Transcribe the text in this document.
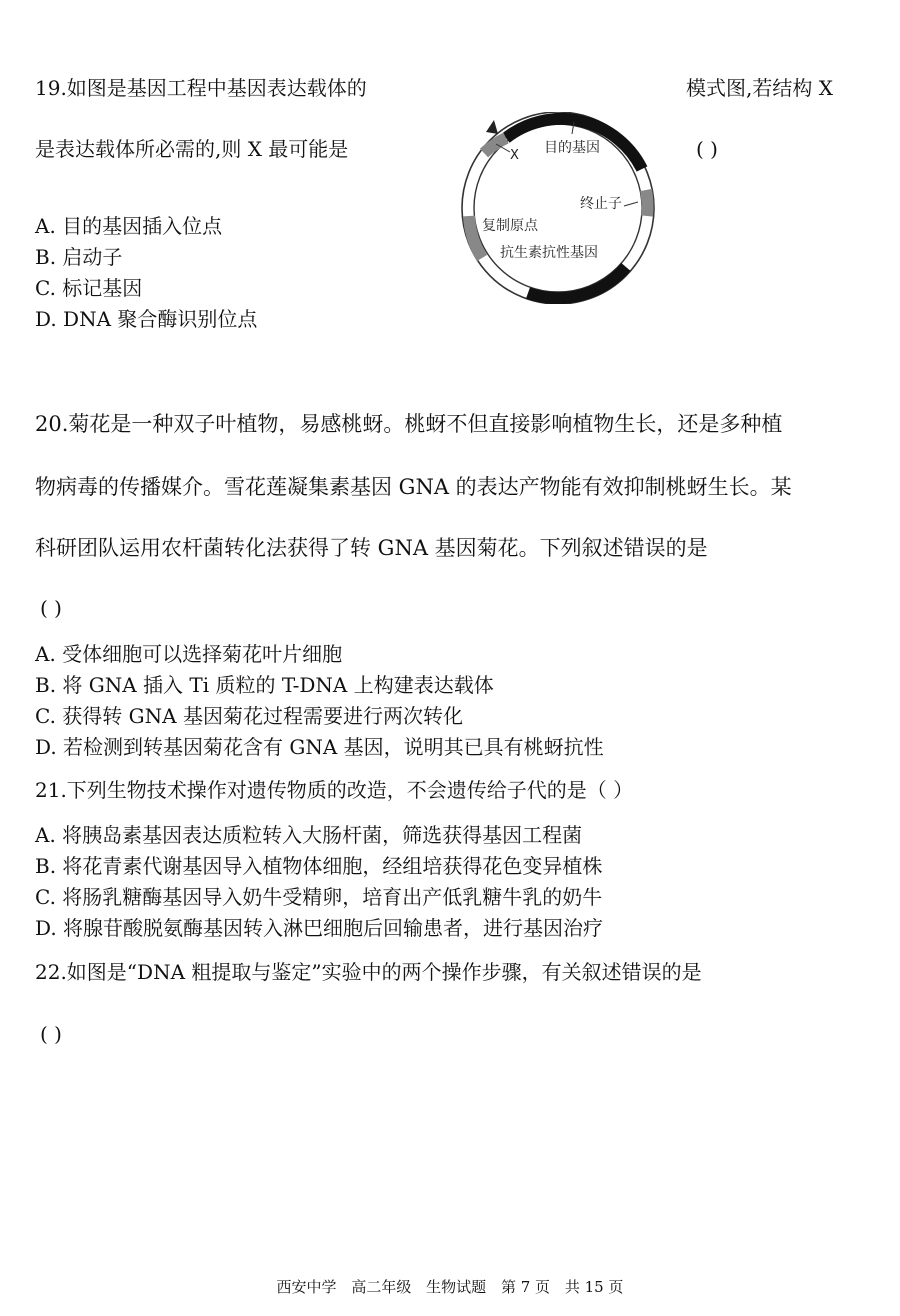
19.如图是基因工程中基因表达载体的	模式图,若结构 X
是表达载体所必需的,则 X 最可能是	( )
X 目的基因
终止子
复制原点
抗生素抗性基因
A. 目的基因插入位点
B. 启动子
C. 标记基因
D. DNA 聚合酶识别位点
20.菊花是一种双子叶植物，易感桃蚜。桃蚜不但直接影响植物生长，还是多种植
物病毒的传播媒介。雪花莲凝集素基因 GNA 的表达产物能有效抑制桃蚜生长。某
科研团队运用农杆菌转化法获得了转 GNA 基因菊花。下列叙述错误的是
( )
A. 受体细胞可以选择菊花叶片细胞
B. 将 GNA 插入 Ti 质粒的 T-DNA 上构建表达载体
C. 获得转 GNA 基因菊花过程需要进行两次转化
D. 若检测到转基因菊花含有 GNA 基因，说明其已具有桃蚜抗性
21.下列生物技术操作对遗传物质的改造，不会遗传给子代的是（ ）
A. 将胰岛素基因表达质粒转入大肠杆菌，筛选获得基因工程菌
B. 将花青素代谢基因导入植物体细胞，经组培获得花色变异植株
C. 将肠乳糖酶基因导入奶牛受精卵，培育出产低乳糖牛乳的奶牛
D. 将腺苷酸脱氨酶基因转入淋巴细胞后回输患者，进行基因治疗
22.如图是“DNA 粗提取与鉴定”实验中的两个操作步骤，有关叙述错误的是
( )
西安中学 高二年级 生物试题 第 7 页 共 15 页
